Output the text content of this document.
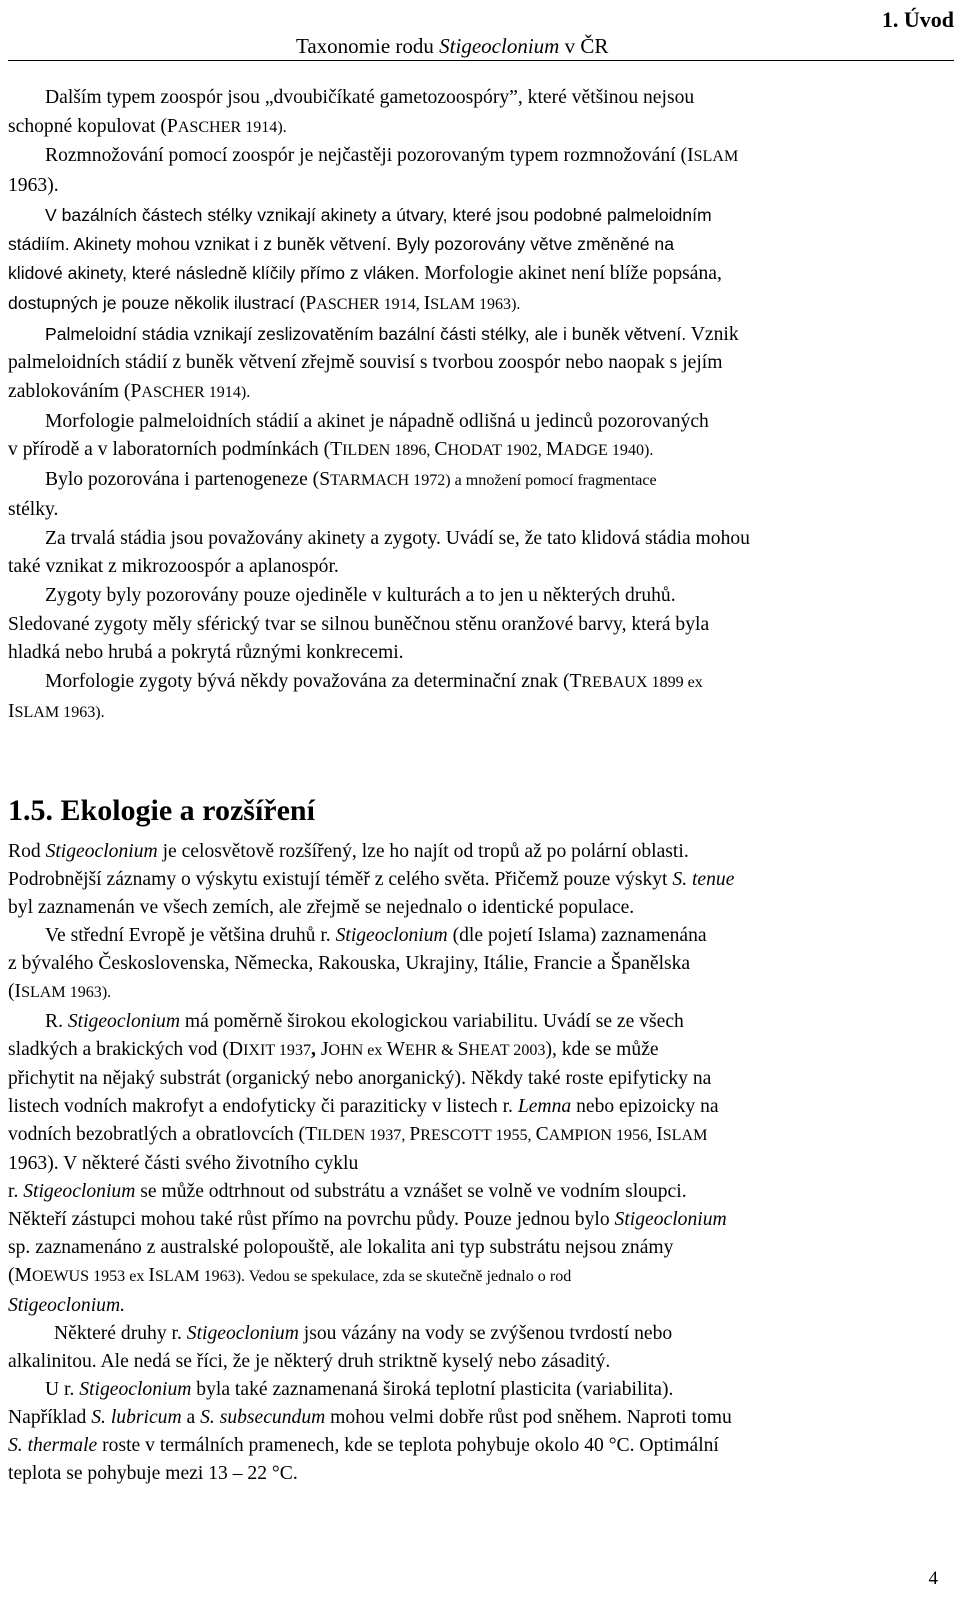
Taxonomie rodu Stigeoclonium v ČR
1. Úvod

Dalším typem zoospór jsou „dvoubičíkaté gametozoospóry”, které většinou nejsou

schopné kopulovat (PASCHER 1914).

Rozmnožování pomocí zoospór je nejčastěji pozorovaným typem rozmnožování (ISLAM

1963).

V bazálních částech stélky vznikají akinety a útvary, které jsou podobné palmeloidním

stádiím. Akinety mohou vznikat i z buněk větvení. Byly pozorovány větve změněné na

klidové akinety, které následně klíčily přímo z vláken. Morfologie akinet není blíže popsána,

dostupných je pouze několik ilustrací (PASCHER 1914, ISLAM 1963).

Palmeloidní stádia vznikají zeslizovatěním bazální části stélky, ale i buněk větvení. Vznik

palmeloidních stádií z buněk větvení zřejmě souvisí s tvorbou zoospór nebo naopak s jejím

zablokováním (PASCHER 1914).

Morfologie palmeloidních stádií a akinet je nápadně odlišná u jedinců pozorovaných

v přírodě a v laboratorních podmínkách (TILDEN 1896, CHODAT 1902, MADGE 1940).

Bylo pozorována i partenogeneze (STARMACH 1972) a množení pomocí fragmentace

stélky.

Za trvalá stádia jsou považovány akinety a zygoty. Uvádí se, že tato klidová stádia mohou

také vznikat z mikrozoospór a aplanospór.

Zygoty byly pozorovány pouze ojediněle v kulturách a to jen u některých druhů.

Sledované zygoty měly sférický tvar se silnou buněčnou stěnu oranžové barvy, která byla

hladká nebo hrubá a pokrytá různými konkrecemi.

Morfologie zygoty bývá někdy považována za determinační znak (TREBAUX 1899 ex

ISLAM 1963).

1.5. Ekologie a rozšíření

Rod Stigeoclonium je celosvětově rozšířený, lze ho najít od tropů až po polární oblasti.

Podrobnější záznamy o výskytu existují téměř z celého světa. Přičemž pouze výskyt S. tenue

byl zaznamenán ve všech zemích, ale zřejmě se nejednalo o identické populace.

Ve střední Evropě je většina druhů r. Stigeoclonium (dle pojetí Islama) zaznamenána

z bývalého Československa, Německa, Rakouska, Ukrajiny, Itálie, Francie a Španělska

(ISLAM 1963).

R. Stigeoclonium má poměrně širokou ekologickou variabilitu. Uvádí se ze všech

sladkých a brakických vod (DIXIT 1937, JOHN ex WEHR & SHEAT 2003), kde se může

přichytit na nějaký substrát (organický nebo anorganický). Někdy také roste epifyticky na

listech vodních makrofyt a endofyticky či paraziticky v listech r. Lemna nebo epizoicky na

vodních bezobratlých a obratlovcích (TILDEN 1937, PRESCOTT 1955, CAMPION 1956, ISLAM

1963). V některé části svého životního cyklu

r. Stigeoclonium se může odtrhnout od substrátu a vznášet se volně ve vodním sloupci.

Někteří zástupci mohou také růst přímo na povrchu půdy. Pouze jednou bylo Stigeoclonium

sp. zaznamenáno z australské polopouště, ale lokalita ani typ substrátu nejsou známy

(MOEWUS 1953 ex ISLAM 1963). Vedou se spekulace, zda se skutečně jednalo o rod

Stigeoclonium.

Některé druhy r. Stigeoclonium jsou vázány na vody se zvýšenou tvrdostí nebo

alkalinitou. Ale nedá se říci, že je některý druh striktně kyselý nebo zásaditý.

U r. Stigeoclonium byla také zaznamenaná široká teplotní plasticita (variabilita).

Například S. lubricum a S. subsecundum mohou velmi dobře růst pod sněhem. Naproti tomu

S. thermale roste v termálních pramenech, kde se teplota pohybuje okolo 40 °C. Optimální

teplota se pohybuje mezi 13 – 22 °C.

4
